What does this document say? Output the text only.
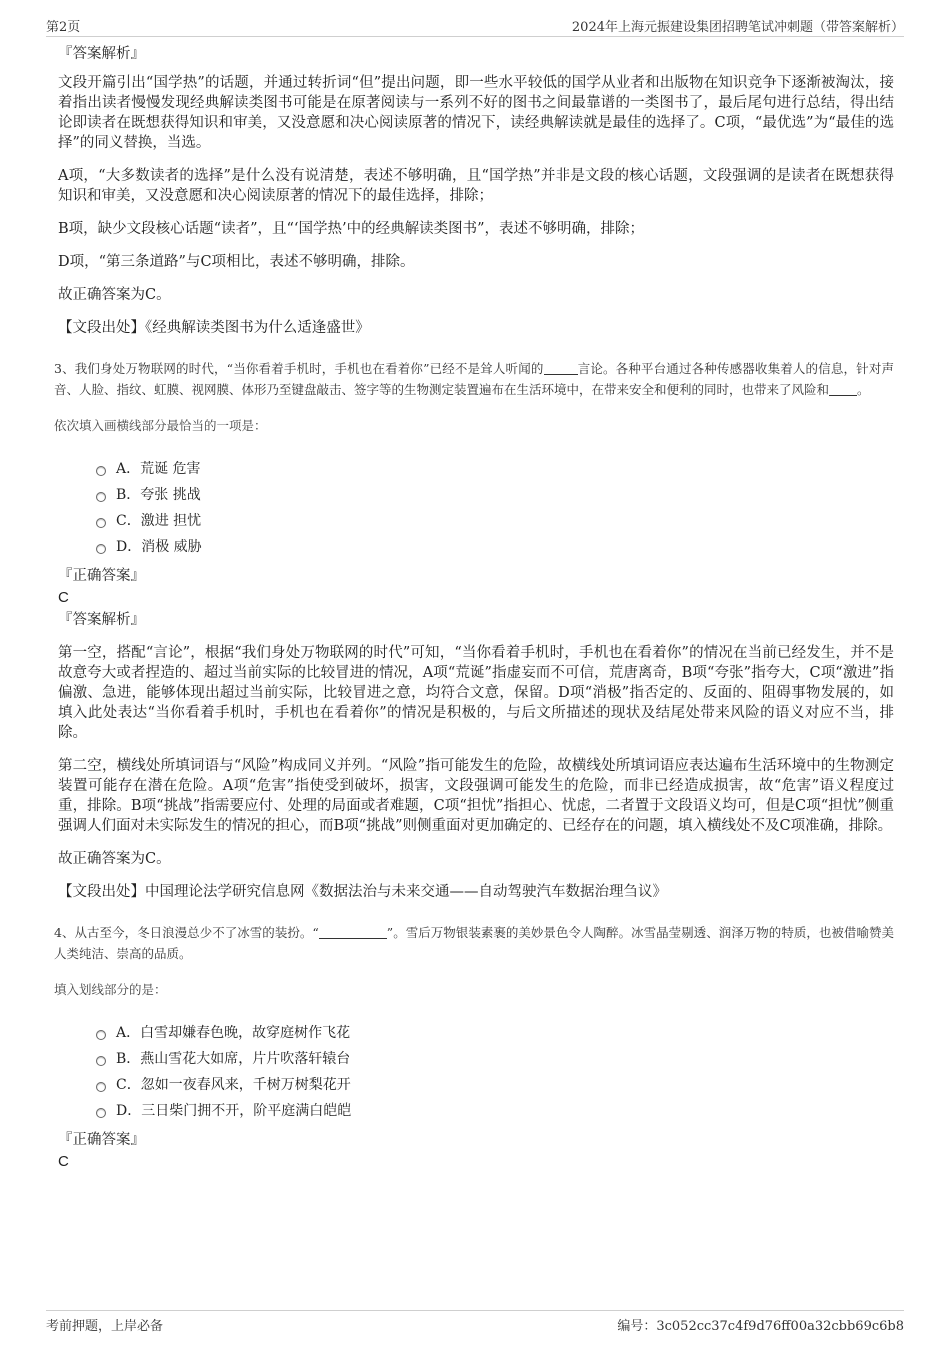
第2页	2024年上海元振建设集团招聘笔试冲刺题（带答案解析）
『答案解析』

文段开篇引出“国学热”的话题，并通过转折词“但”提出问题，即一些水平较低的国学从业者和出版物在知识竞争下逐渐被淘汰，接着指出读者慢慢发现经典解读类图书可能是在原著阅读与一系列不好的图书之间最靠谱的一类图书了，最后尾句进行总结，得出结论即读者在既想获得知识和审美，又没意愿和决心阅读原著的情况下，读经典解读就是最佳的选择了。C项，“最优选”为“最佳的选择”的同义替换，当选。

A项，“大多数读者的选择”是什么没有说清楚，表述不够明确，且“国学热”并非是文段的核心话题，文段强调的是读者在既想获得知识和审美，又没意愿和决心阅读原著的情况下的最佳选择，排除；

B项，缺少文段核心话题“读者”，且“‘国学热’中的经典解读类图书”，表述不够明确，排除；

D项，“第三条道路”与C项相比，表述不够明确，排除。

故正确答案为C。

【文段出处】《经典解读类图书为什么适逢盛世》

3、我们身处万物联网的时代，“当你看着手机时，手机也在看着你”已经不是耸人听闻的	言论。各种平台通过各种传感器收集着人的信息，针对声音、人脸、指纹、虹膜、视网膜、体形乃至键盘敲击、签字等的生物测定装置遍布在生活环境中，在带来安全和便利的同时，也带来了风险和 。

依次填入画横线部分最恰当的一项是：

A．荒诞 危害
B．夸张 挑战
C．激进 担忧
D．消极 威胁
『正确答案』
C
『答案解析』

第一空，搭配“言论”，根据“我们身处万物联网的时代”可知，“当你看着手机时，手机也在看着你”的情况在当前已经发生，并不是故意夸大或者捏造的、超过当前实际的比较冒进的情况，A项“荒诞”指虚妄而不可信，荒唐离奇，B项“夸张”指夸大，C项“激进”指偏激、急进，能够体现出超过当前实际，比较冒进之意，均符合文意，保留。D项“消极”指否定的、反面的、阻碍事物发展的，如填入此处表达“当你看着手机时，手机也在看着你”的情况是积极的，与后文所描述的现状及结尾处带来风险的语义对应不当，排除。

第二空，横线处所填词语与“风险”构成同义并列。“风险”指可能发生的危险，故横线处所填词语应表达遍布生活环境中的生物测定装置可能存在潜在危险。A项“危害”指使受到破坏，损害，文段强调可能发生的危险，而非已经造成损害，故“危害”语义程度过重，排除。B项“挑战”指需要应付、处理的局面或者难题，C项“担忧”指担心、忧虑，二者置于文段语义均可，但是C项“担忧”侧重强调人们面对未实际发生的情况的担心，而B项“挑战”则侧重面对更加确定的、已经存在的问题，填入横线处不及C项准确，排除。

故正确答案为C。

【文段出处】中国理论法学研究信息网《数据法治与未来交通——自动驾驶汽车数据治理刍议》

4、从古至今，冬日浪漫总少不了冰雪的装扮。“	”。雪后万物银装素裹的美妙景色令人陶醉。冰雪晶莹剔透、润泽万物的特质，也被借喻赞美人类纯洁、崇高的品质。

填入划线部分的是：

A．白雪却嫌春色晚，故穿庭树作飞花
B．燕山雪花大如席，片片吹落轩辕台
C．忽如一夜春风来，千树万树梨花开
D．三日柴门拥不开，阶平庭满白皑皑
『正确答案』
C
考前押题，上岸必备	编号：3c052cc37c4f9d76ff00a32cbb69c6b8
